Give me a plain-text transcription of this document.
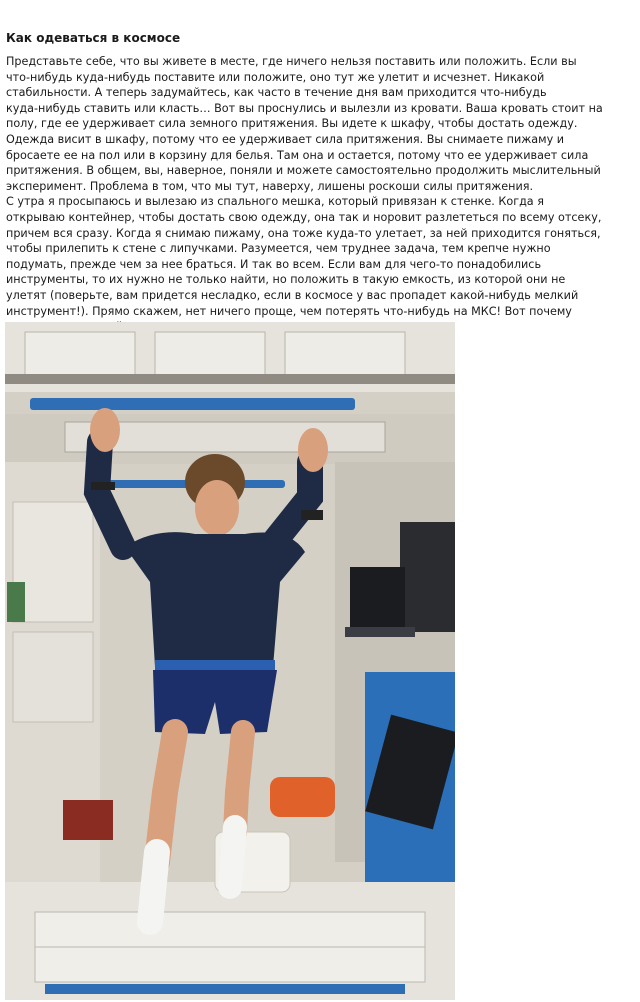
Как одеваться в космосе
Представьте себе, что вы живете в месте, где ничего нельзя поставить или положить. Если вы
что-нибудь куда-нибудь поставите или положите, оно тут же улетит и исчезнет. Никакой
стабильности. А теперь задумайтесь, как часто в течение дня вам приходится что-нибудь
куда-нибудь ставить или класть… Вот вы проснулись и вылезли из кровати. Ваша кровать стоит на
полу, где ее удерживает сила земного притяжения. Вы идете к шкафу, чтобы достать одежду.
Одежда висит в шкафу, потому что ее удерживает сила притяжения. Вы снимаете пижаму и
бросаете ее на пол или в корзину для белья. Там она и остается, потому что ее удерживает сила
притяжения. В общем, вы, наверное, поняли и можете самостоятельно продолжить мыслительный
эксперимент. Проблема в том, что мы тут, наверху, лишены роскоши силы притяжения.
С утра я просыпаюсь и вылезаю из спального мешка, который привязан к стенке. Когда я
открываю контейнер, чтобы достать свою одежду, она так и норовит разлететься по всему отсеку,
причем вся сразу. Когда я снимаю пижаму, она тоже куда-то улетает, за ней приходится гоняться,
чтобы прилепить к стене с липучками. Разумеется, чем труднее задача, тем крепче нужно
подумать, прежде чем за нее браться. И так во всем. Если вам для чего-то понадобились
инструменты, то их нужно не только найти, но положить в такую емкость, из которой они не
улетят (поверьте, вам придется несладко, если в космосе у вас пропадет какой-нибудь мелкий
инструмент!). Прямо скажем, нет ничего проще, чем потерять что-нибудь на МКС! Вот почему
